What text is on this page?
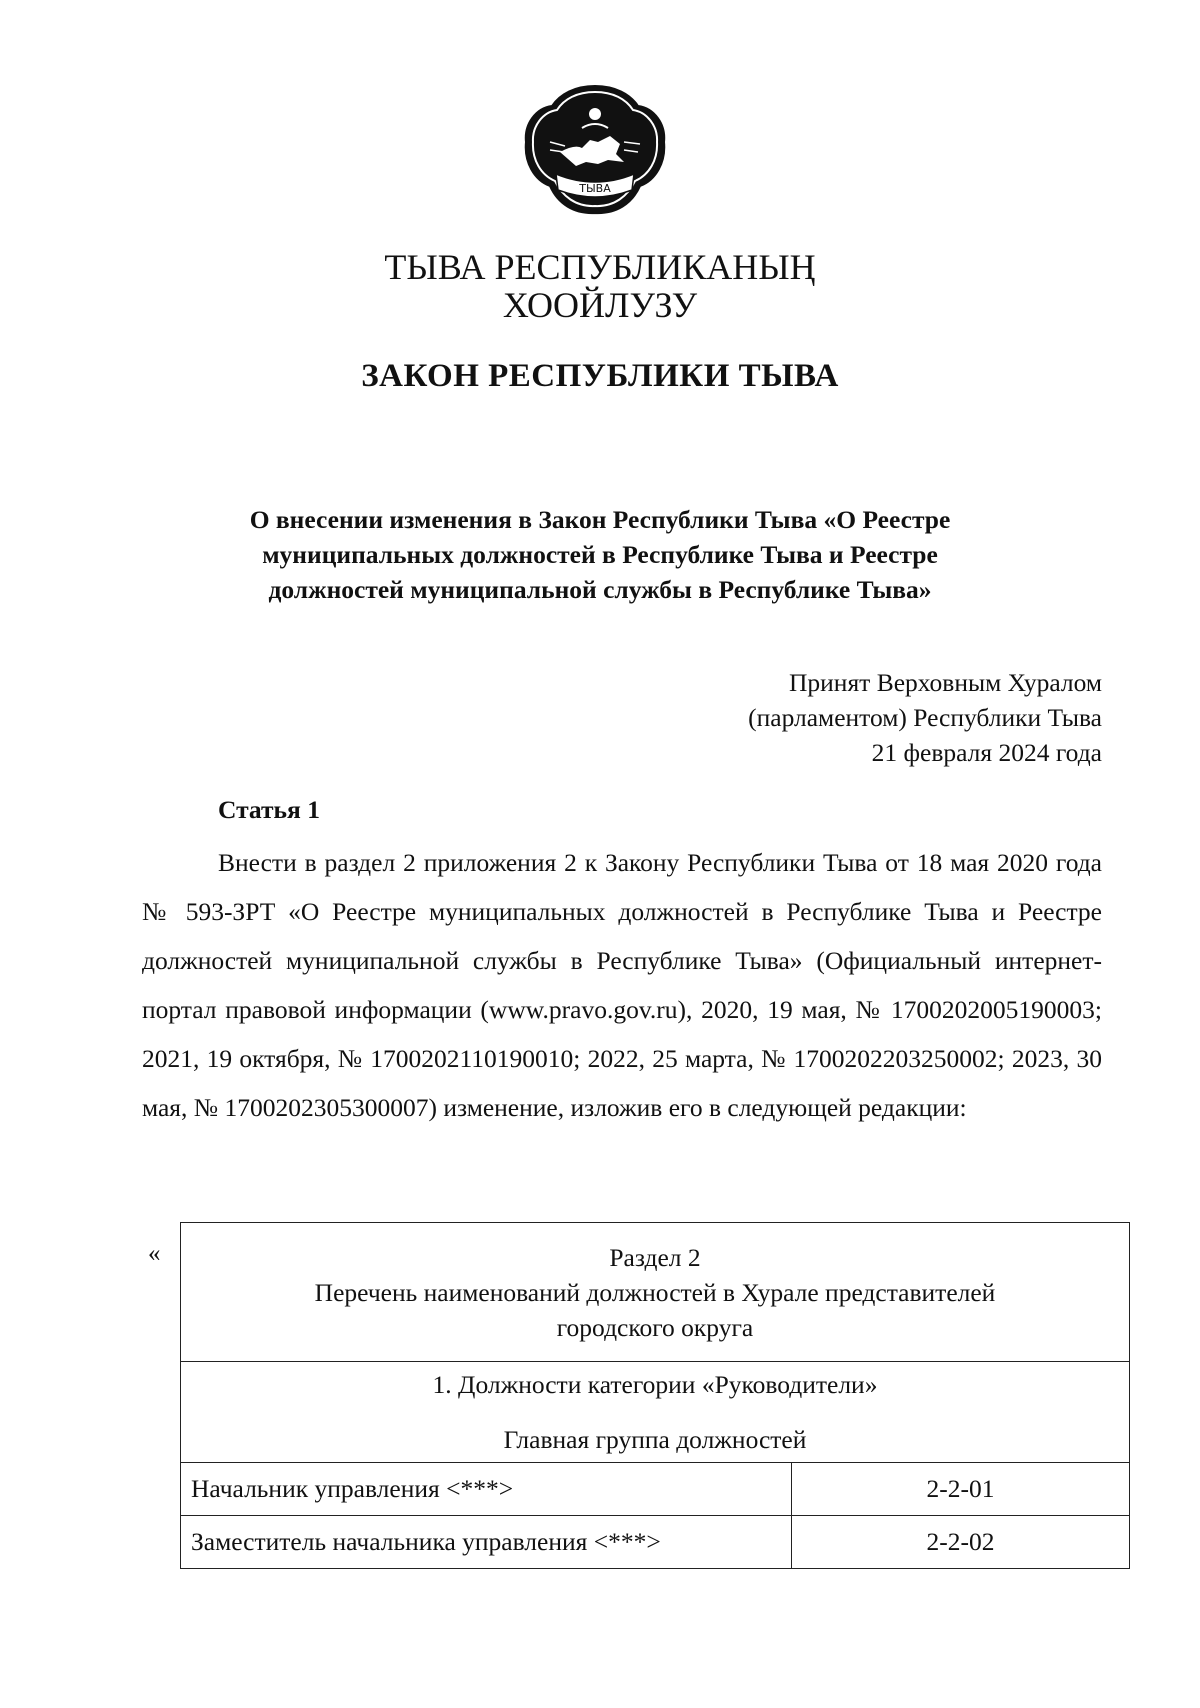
ТЫВА
ТЫВА РЕСПУБЛИКАНЫҢ
ХООЙЛУЗУ
ЗАКОН РЕСПУБЛИКИ ТЫВА
О внесении изменения в Закон Республики Тыва «О Реестре
муниципальных должностей в Республике Тыва и Реестре
должностей муниципальной службы в Республике Тыва»
Принят Верховным Хуралом
(парламентом) Республики Тыва
21 февраля 2024 года
Статья 1

Внести в раздел 2 приложения 2 к Закону Республики Тыва от 18 мая 2020 года № 593-ЗРТ «О Реестре муниципальных должностей в Республике Тыва и Реестре должностей муниципальной службы в Республике Тыва» (Официальный интернет-портал правовой информации (www.pravo.gov.ru), 2020, 19 мая, № 1700202005190003; 2021, 19 октября, № 1700202110190010; 2022, 25 марта, № 1700202203250002; 2023, 30 мая, № 1700202305300007) изменение, изложив его в следующей редакции:

«	Раздел 2
Перечень наименований должностей в Хурале представителей
городского округа	

1. Должности категории «Руководители»	
Главная группа должностей	
Начальник управления <***>	2-2-01
Заместитель начальника управления <***>	2-2-02
